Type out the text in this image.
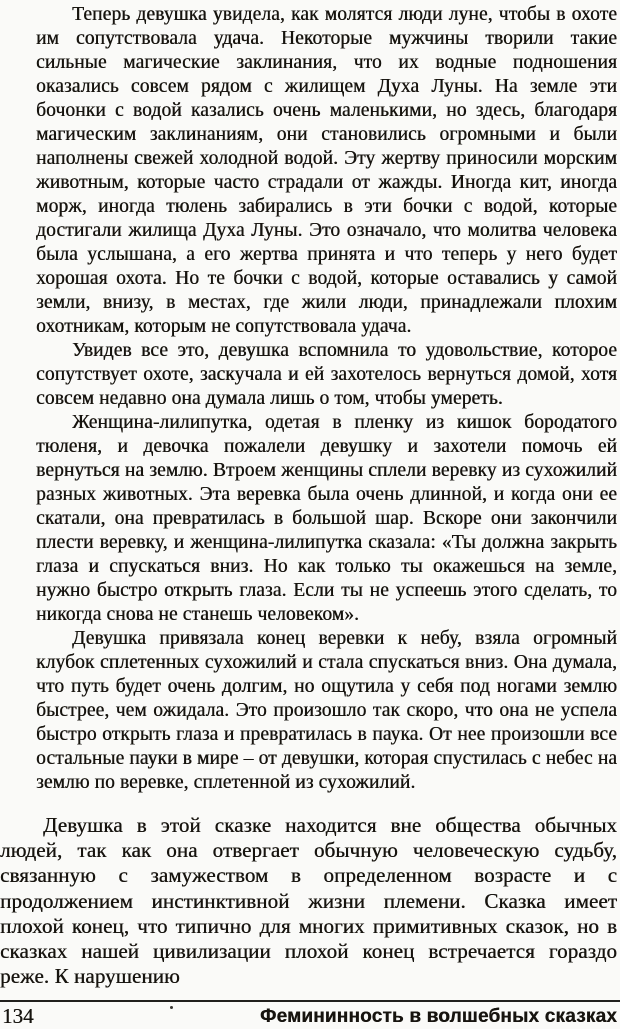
Теперь девушка увидела, как молятся люди луне, чтобы в охоте им сопутствовала удача. Некоторые мужчины творили такие сильные магические заклинания, что их водные подношения оказались совсем рядом с жилищем Духа Луны. На земле эти бочонки с водой казались очень маленькими, но здесь, благодаря магическим заклинаниям, они становились огромными и были наполнены свежей холодной водой. Эту жертву приносили морским животным, которые часто страдали от жажды. Иногда кит, иногда морж, иногда тюлень забирались в эти бочки с водой, которые достигали жилища Духа Луны. Это означало, что молитва человека была услышана, а его жертва принята и что теперь у него будет хорошая охота. Но те бочки с водой, которые оставались у самой земли, внизу, в местах, где жили люди, принадлежали плохим охотникам, которым не сопутствовала удача.

Увидев все это, девушка вспомнила то удовольствие, которое сопутствует охоте, заскучала и ей захотелось вернуться домой, хотя совсем недавно она думала лишь о том, чтобы умереть.

Женщина-лилипутка, одетая в пленку из кишок бородатого тюленя, и девочка пожалели девушку и захотели помочь ей вернуться на землю. Втроем женщины сплели веревку из сухожилий разных животных. Эта веревка была очень длинной, и когда они ее скатали, она превратилась в большой шар. Вскоре они закончили плести веревку, и женщина-лилипутка сказала: «Ты должна закрыть глаза и спускаться вниз. Но как только ты окажешься на земле, нужно быстро открыть глаза. Если ты не успеешь этого сделать, то никогда снова не станешь человеком».

Девушка привязала конец веревки к небу, взяла огромный клубок сплетенных сухожилий и стала спускаться вниз. Она думала, что путь будет очень долгим, но ощутила у себя под ногами землю быстрее, чем ожидала. Это произошло так скоро, что она не успела быстро открыть глаза и превратилась в паука. От нее произошли все остальные пауки в мире – от девушки, которая спустилась с небес на землю по веревке, сплетенной из сухожилий.

Девушка в этой сказке находится вне общества обычных людей, так как она отвергает обычную человеческую судьбу, связанную с замужеством в определенном возрасте и с продолжением инстинктивной жизни племени. Сказка имеет плохой конец, что типично для многих примитивных сказок, но в сказках нашей цивилизации плохой конец встречается гораздо реже. К нарушению

134	Фемининность в волшебных сказках
